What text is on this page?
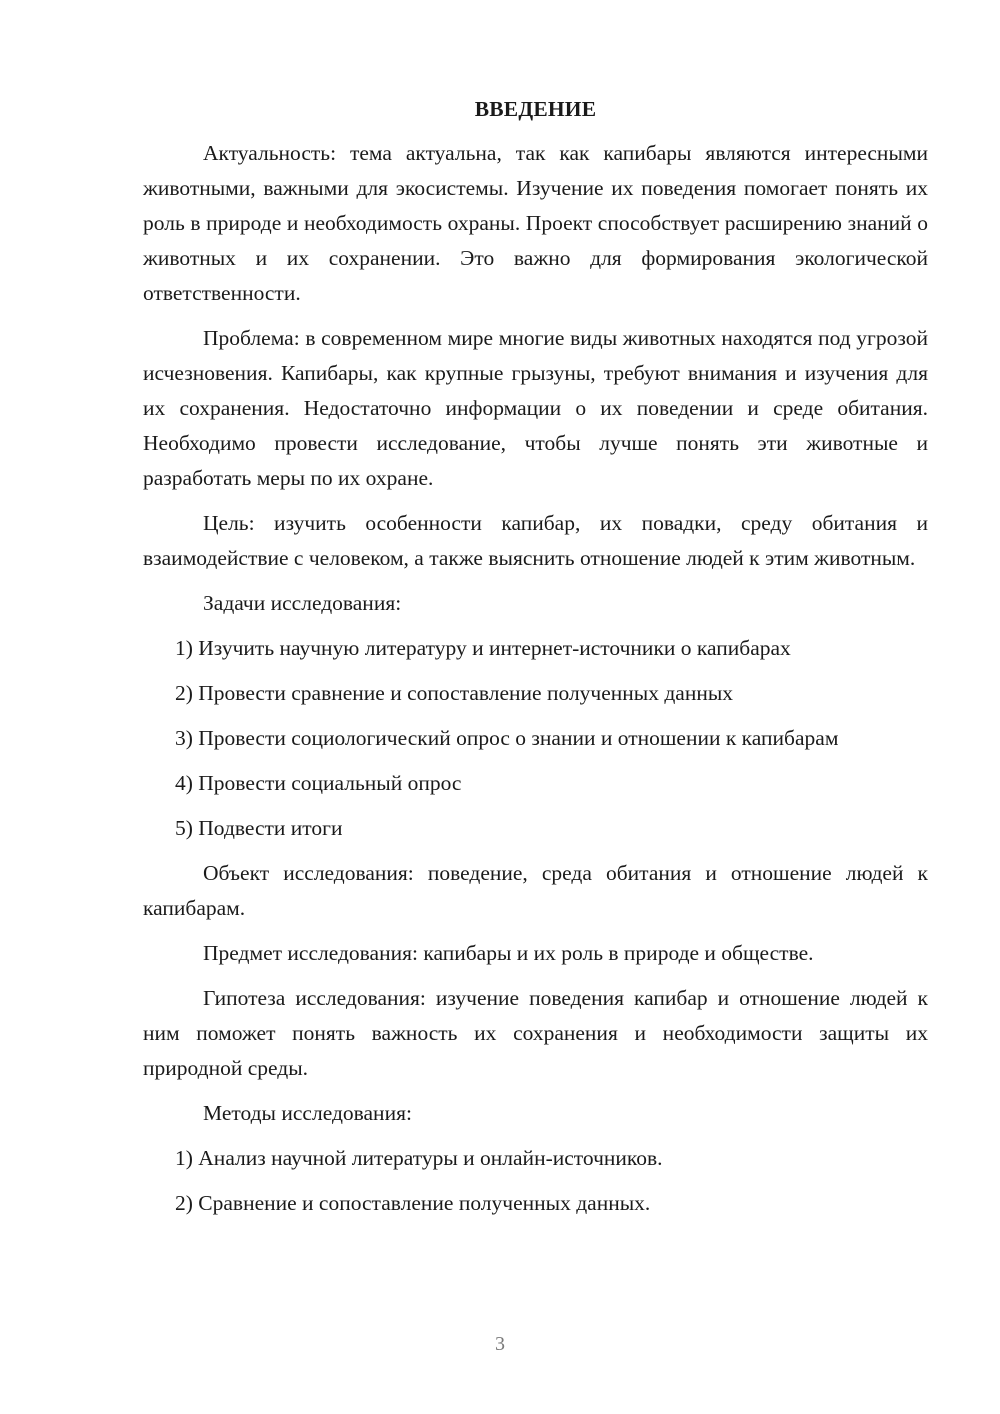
ВВЕДЕНИЕ

Актуальность: тема актуальна, так как капибары являются интересными животными, важными для экосистемы. Изучение их поведения помогает понять их роль в природе и необходимость охраны. Проект способствует расширению знаний о животных и их сохранении. Это важно для формирования экологической ответственности.

Проблема: в современном мире многие виды животных находятся под угрозой исчезновения. Капибары, как крупные грызуны, требуют внимания и изучения для их сохранения. Недостаточно информации о их поведении и среде обитания. Необходимо провести исследование, чтобы лучше понять эти животные и разработать меры по их охране.

Цель: изучить особенности капибар, их повадки, среду обитания и взаимодействие с человеком, а также выяснить отношение людей к этим животным.

Задачи исследования:

1) Изучить научную литературу и интернет-источники о капибарах

2) Провести сравнение и сопоставление полученных данных

3) Провести социологический опрос о знании и отношении к капибарам

4) Провести социальный опрос

5) Подвести итоги

Объект исследования: поведение, среда обитания и отношение людей к капибарам.

Предмет исследования: капибары и их роль в природе и обществе.

Гипотеза исследования: изучение поведения капибар и отношение людей к ним поможет понять важность их сохранения и необходимости защиты их природной среды.

Методы исследования:

1) Анализ научной литературы и онлайн-источников.

2) Сравнение и сопоставление полученных данных.

3
